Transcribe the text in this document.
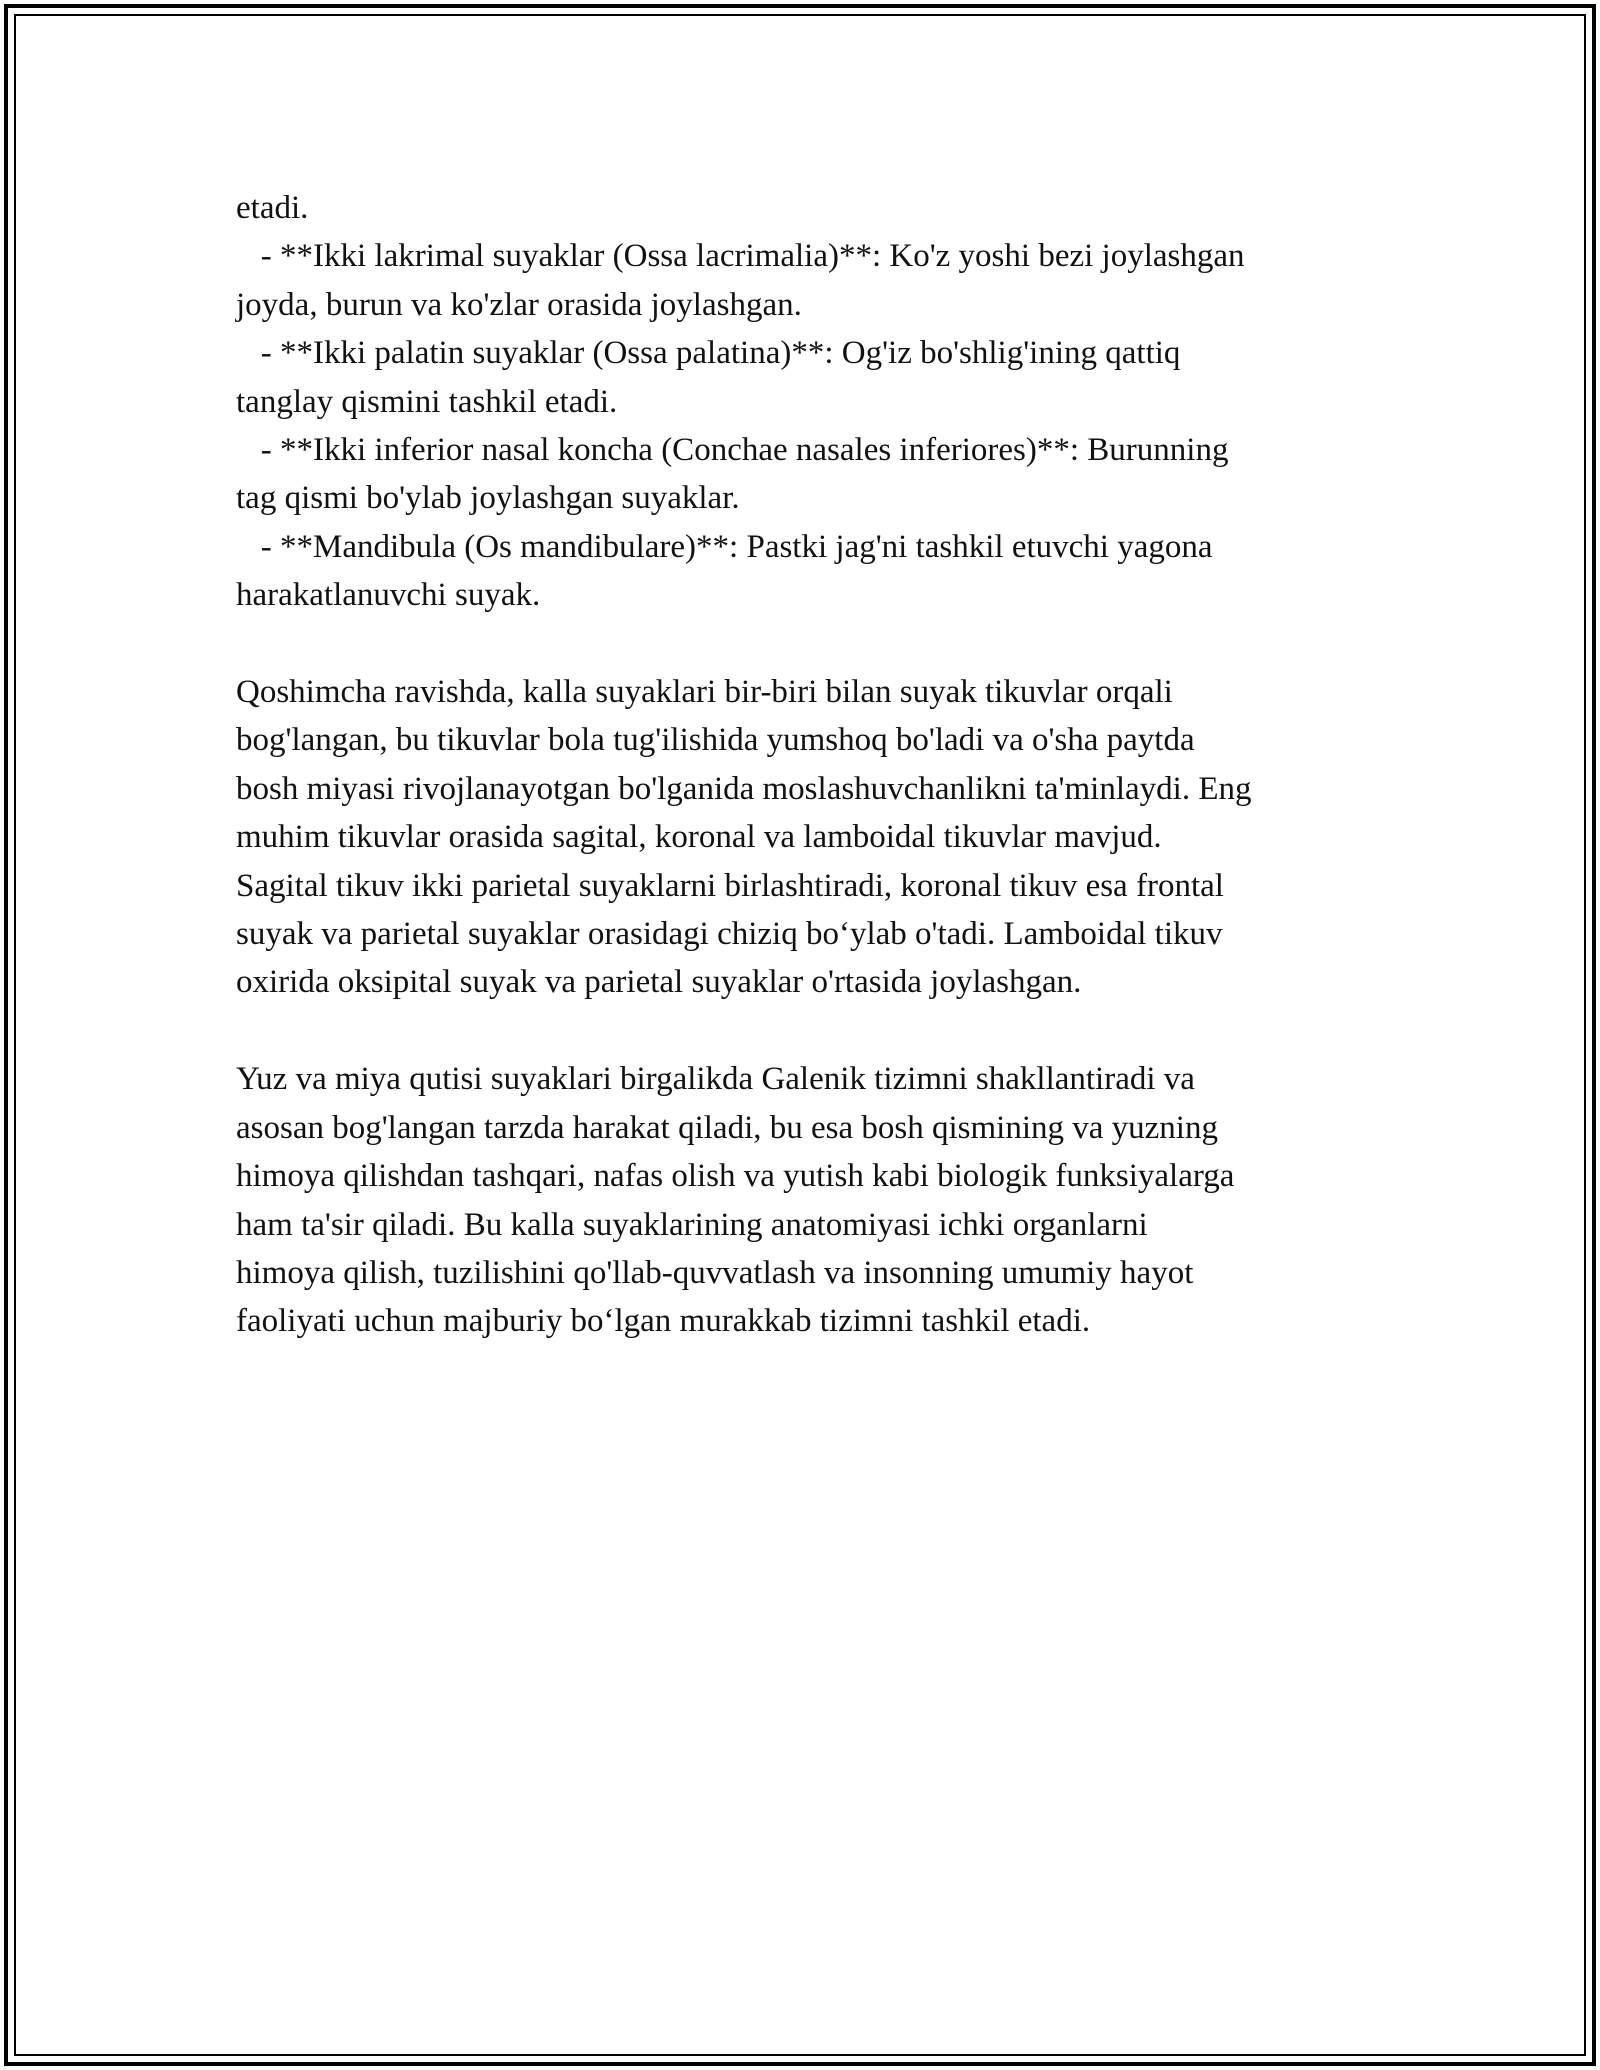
etadi.
- **Ikki lakrimal suyaklar (Ossa lacrimalia)**: Ko'z yoshi bezi joylashgan
joyda, burun va ko'zlar orasida joylashgan.
- **Ikki palatin suyaklar (Ossa palatina)**: Og'iz bo'shlig'ining qattiq
tanglay qismini tashkil etadi.
- **Ikki inferior nasal koncha (Conchae nasales inferiores)**: Burunning
tag qismi bo'ylab joylashgan suyaklar.
- **Mandibula (Os mandibulare)**: Pastki jag'ni tashkil etuvchi yagona
harakatlanuvchi suyak.

Qoshimcha ravishda, kalla suyaklari bir-biri bilan suyak tikuvlar orqali
bog'langan, bu tikuvlar bola tug'ilishida yumshoq bo'ladi va o'sha paytda
bosh miyasi rivojlanayotgan bo'lganida moslashuvchanlikni ta'minlaydi. Eng
muhim tikuvlar orasida sagital, koronal va lamboidal tikuvlar mavjud.
Sagital tikuv ikki parietal suyaklarni birlashtiradi, koronal tikuv esa frontal
suyak va parietal suyaklar orasidagi chiziq bo‘ylab o'tadi. Lamboidal tikuv
oxirida oksipital suyak va parietal suyaklar o'rtasida joylashgan.

Yuz va miya qutisi suyaklari birgalikda Galenik tizimni shakllantiradi va
asosan bog'langan tarzda harakat qiladi, bu esa bosh qismining va yuzning
himoya qilishdan tashqari, nafas olish va yutish kabi biologik funksiyalarga
ham ta'sir qiladi. Bu kalla suyaklarining anatomiyasi ichki organlarni
himoya qilish, tuzilishini qo'llab-quvvatlash va insonning umumiy hayot
faoliyati uchun majburiy bo‘lgan murakkab tizimni tashkil etadi.
